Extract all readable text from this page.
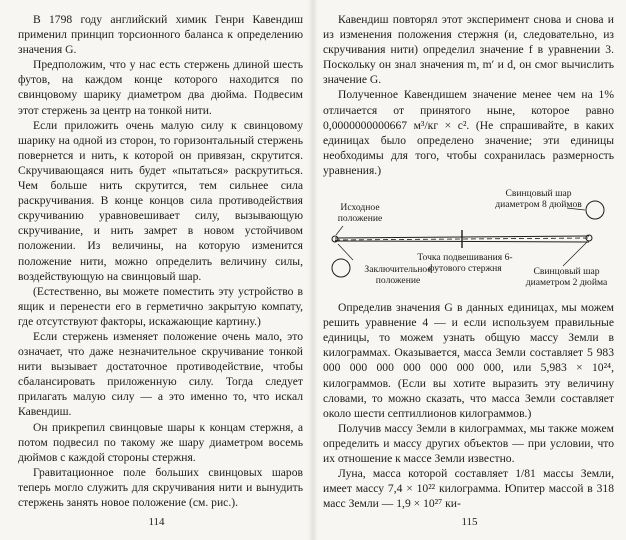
В 1798 году английский химик Генри Кавендиш применил принцип торсионного баланса к определению значения G.

Предположим, что у нас есть стержень длиной шесть футов, на каждом конце которого находится по свинцовому шарику диаметром два дюйма. Подвесим этот стержень за центр на тонкой нити.

Если приложить очень малую силу к свинцовому шарику на одной из сторон, то горизонтальный стержень повернется и нить, к которой он привязан, скрутится. Скручивающаяся нить будет «пытаться» раскрутиться. Чем больше нить скрутится, тем сильнее сила раскручивания. В конце концов сила противодействия скручиванию уравновешивает силу, вызывающую скручивание, и нить замрет в новом устойчивом положении. Из величины, на которую изменится положение нити, можно определить величину силы, воздействующую на свинцовый шар.

(Естественно, вы можете поместить эту устройство в ящик и перенести его в герметично закрытую компату, где отсутствуют факторы, искажающие картину.)

Если стержень изменяет положение очень мало, это означает, что даже незначительное скручивание тонкой нити вызывает достаточное противодействие, чтобы сбалансировать приложенную силу. Тогда следует прилагать малую силу — а это именно то, что искал Кавендиш.

Он прикрепил свинцовые шары к концам стержня, а потом подвесил по такому же шару диаметром восемь дюймов с каждой стороны стержня.

Гравитационное поле больших свинцовых шаров теперь могло служить для скручивания нити и вынудить стержень занять новое положение (см. рис.).

114

Кавендиш повторял этот эксперимент снова и снова и из изменения положения стержня (и, следовательно, из скручивания нити) определил значение f в уравнении 3. Поскольку он знал значения m, m′ и d, он смог вычислить значение G.

Полученное Кавендишем значение менее чем на 1% отличается от принятого ныне, которое равно 0,0000000000667 м³/кг × с². (Не спрашивайте, в каких единицах было определено значение; эти единицы необходимы для того, чтобы сохранилась размерность уравнения.)

Исходное положение
Свинцовый шар диаметром 8 дюймов
Точка подвешивания 6-футового стержня
Заключительное положение
Свинцовый шар диаметром 2 дюйма

Определив значения G в данных единицах, мы можем решить уравнение 4 — и если используем правильные единицы, то можем узнать общую массу Земли в килограммах. Оказывается, масса Земли составляет 5 983 000 000 000 000 000 000 000, или 5,983 × 10²⁴, килограммов. (Если вы хотите выразить эту величину словами, то можно сказать, что масса Земли составляет около шести септиллионов килограммов.)

Получив массу Земли в килограммах, мы также можем определить и массу других объектов — при условии, что их отношение к массе Земли известно.

Луна, масса которой составляет 1/81 массы Земли, имеет массу 7,4 × 10²² килограмма. Юпитер массой в 318 масс Земли — 1,9 × 10²⁷ ки-

115
